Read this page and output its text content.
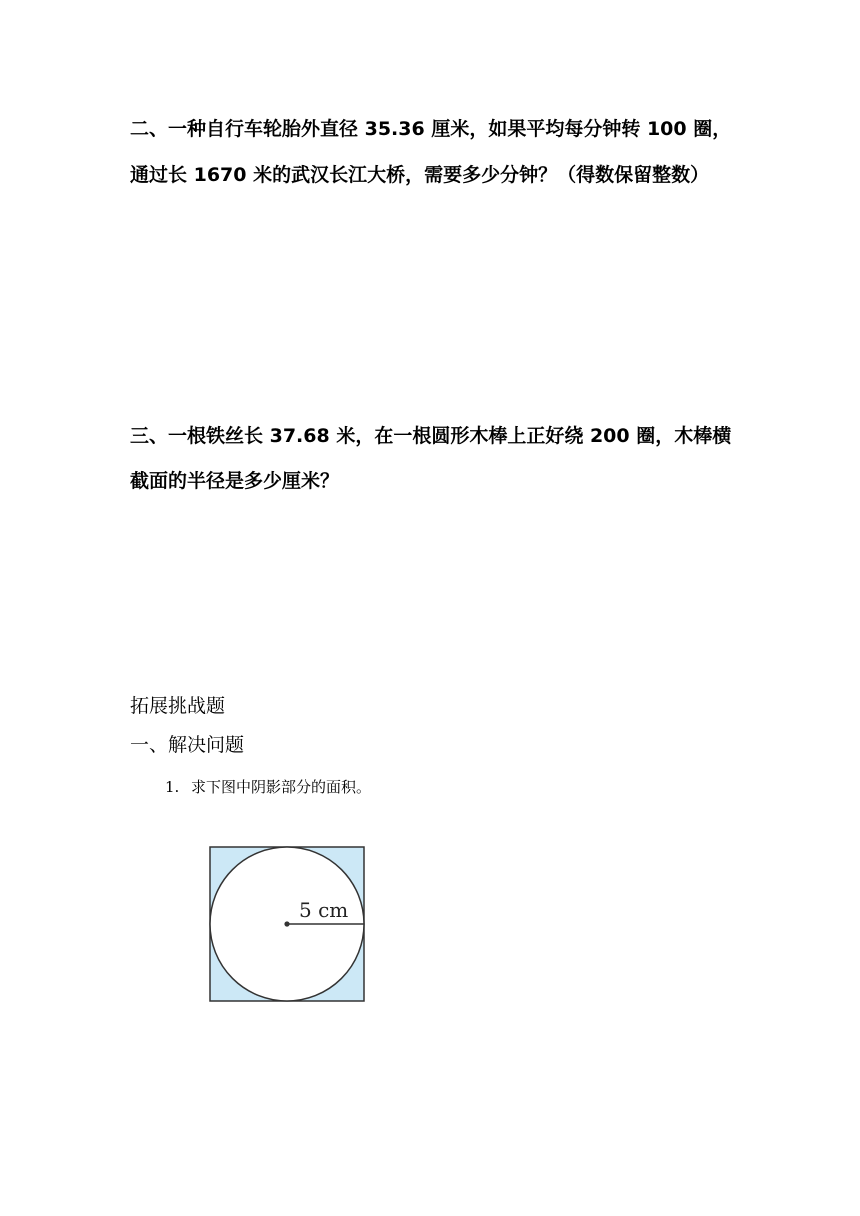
二、一种自行车轮胎外直径 35.36 厘米，如果平均每分钟转 100 圈，
通过长 1670 米的武汉长江大桥，需要多少分钟？（得数保留整数）
三、一根铁丝长 37.68 米，在一根圆形木棒上正好绕 200 圈，木棒横
截面的半径是多少厘米？
拓展挑战题
一、解决问题
1. 求下图中阴影部分的面积。
5 cm
